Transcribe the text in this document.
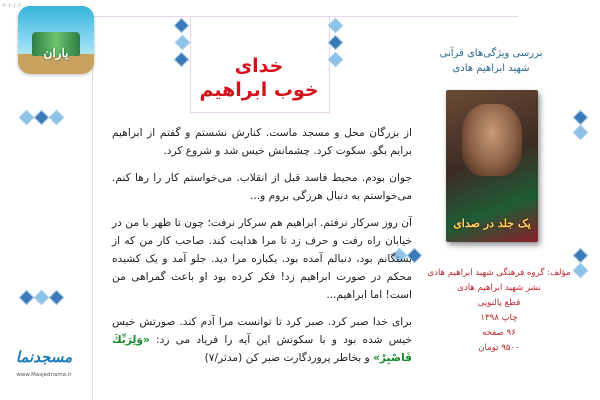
۲۰۲۰/۰۲
یاران
خدای
خوب ابراهیم
بررسی ویژگی‌های قرآنی
شهید ابراهیم هادی

از بزرگان محل و مسجد ماست. کنارش نشستم و گفتم از ابراهیم برایم بگو. سکوت کرد. چشمانش خیس شد و شروع کرد.

جوان بودم. محیط فاسد قبل از انقلاب. می‌خواستم کار را رها کنم. می‌خواستم به دنبال هرزگی بروم و...

آن روز سرکار نرفتم. ابراهیم هم سرکار نرفت؛ چون تا ظهر با من در خیابان راه رفت و حرف زد تا مرا هدایت کند. صاحب کار من که از بستگانم بود، دنبالم آمده بود. یکباره مرا دید. جلو آمد و یک کشیده محکم در صورت ابراهیم زد! فکر کرده بود او باعث گمراهی من است! اما ابراهیم...

برای خدا صبر کرد. صبر کرد تا توانست مرا آدم کند. صورتش خیس خیس شده بود و با سکوتش این آیه را فریاد می زد: «وَلِرَبِّكَ فَاصْبِرْ» و بخاطر پروردگارت صبر کن (مدثر/۷)

یک جلد در صدای
مؤلف: گروه فرهنگی شهید ابراهیم هادی
نشر شهید ابراهیم هادی
قطع پالتویی
چاپ ۱۳۹۸
۹۶ صفحه
۹۵۰۰ تومان
مسجد‌نما
www.Masjednama.ir
